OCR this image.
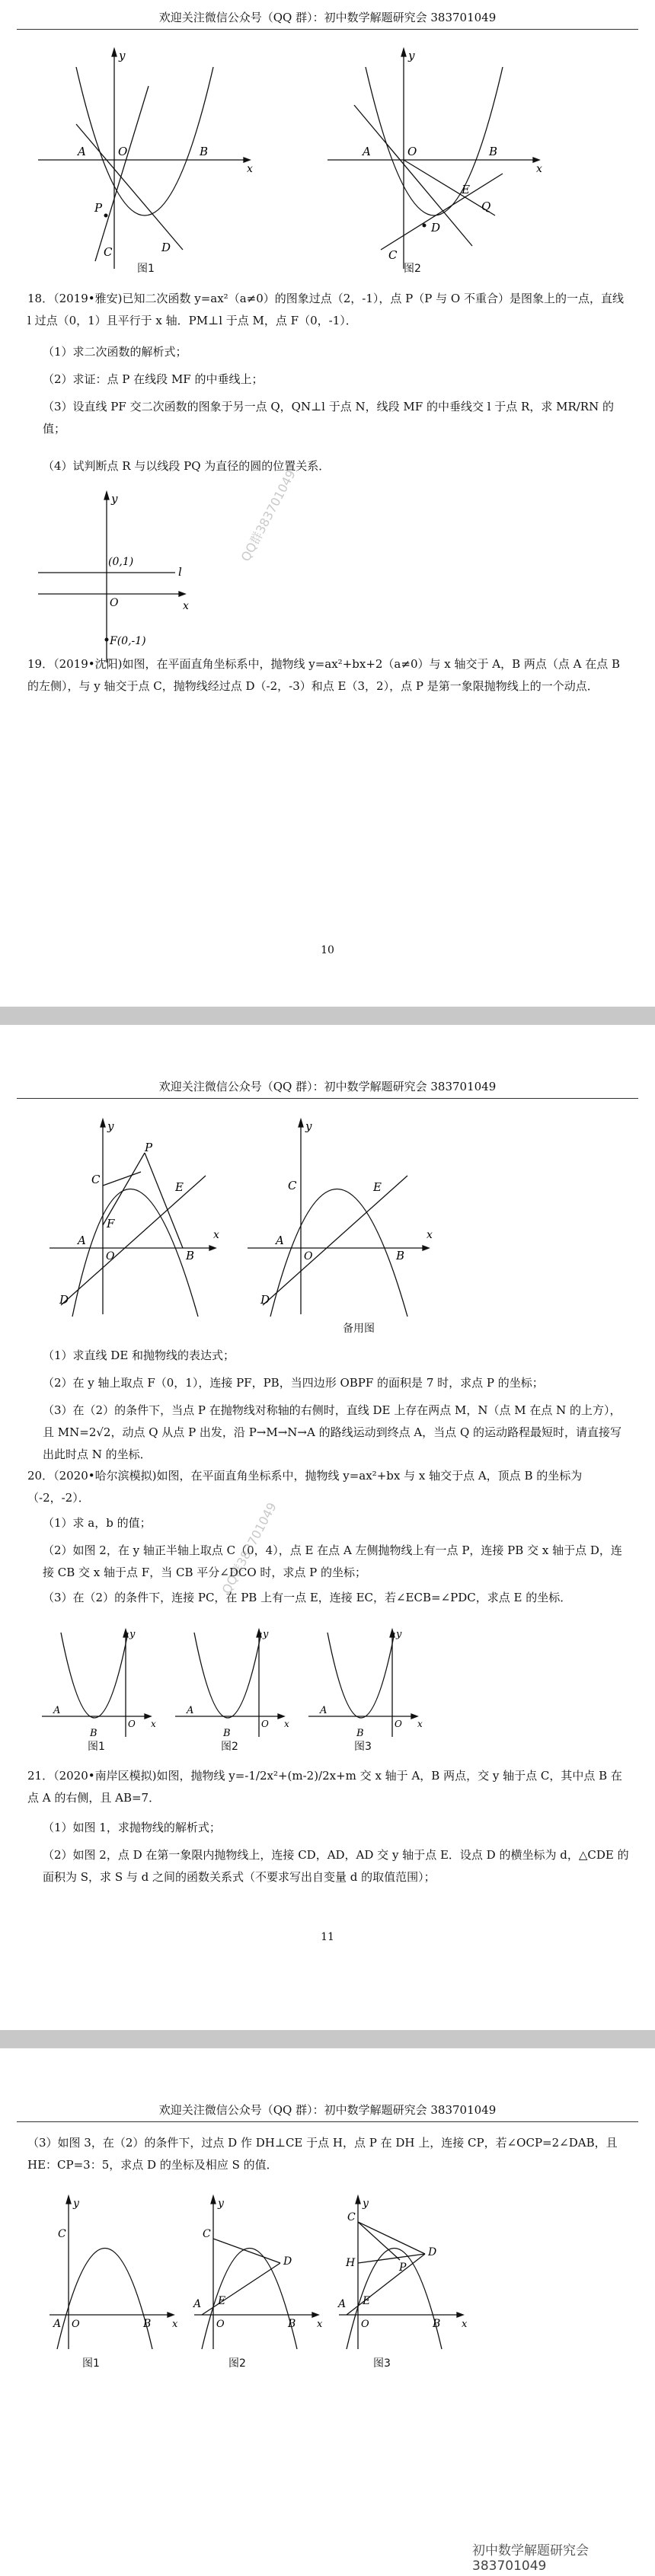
欢迎关注微信公众号（QQ 群）：初中数学解题研究会 383701049
y
A	O	B
x
P
C	D
图1
y
A	O	B
x
E
Q
C
D
图2
18．（2019•雅安)已知二次函数 y=ax²（a≠0）的图象过点（2，-1），点 P（P 与 O 不重合）是图象上的一点，直线 l 过点（0，1）且平行于 x 轴．PM⊥l 于点 M，点 F（0，-1）．
（1）求二次函数的解析式；
（2）求证：点 P 在线段 MF 的中垂线上；
（3）设直线 PF 交二次函数的图象于另一点 Q，QN⊥l 于点 N，线段 MF 的中垂线交 l 于点 R，求 MR/RN 的值；
（4）试判断点 R 与以线段 PQ 为直径的圆的位置关系．
y
(0,1)
l
O	x
F(0,-1)
QQ群383701049
19．（2019•沈阳)如图，在平面直角坐标系中，抛物线 y=ax²+bx+2（a≠0）与 x 轴交于 A，B 两点（点 A 在点 B 的左侧），与 y 轴交于点 C，抛物线经过点 D（-2，-3）和点 E（3，2），点 P 是第一象限抛物线上的一个动点．
10
欢迎关注微信公众号（QQ 群）：初中数学解题研究会 383701049
y
C
P
F
E
A
O	B
x
D
y
C	E
A
O	B
x
D
备用图
（1）求直线 DE 和抛物线的表达式；
（2）在 y 轴上取点 F（0，1），连接 PF，PB，当四边形 OBPF 的面积是 7 时，求点 P 的坐标；
（3）在（2）的条件下，当点 P 在抛物线对称轴的右侧时，直线 DE 上存在两点 M，N（点 M 在点 N 的上方），且 MN=2√2，动点 Q 从点 P 出发，沿 P→M→N→A 的路线运动到终点 A，当点 Q 的运动路程最短时，请直接写出此时点 N 的坐标．
20．（2020•哈尔滨模拟)如图，在平面直角坐标系中，抛物线 y=ax²+bx 与 x 轴交于点 A，顶点 B 的坐标为（-2，-2）．
（1）求 a，b 的值；
（2）如图 2，在 y 轴正半轴上取点 C（0，4），点 E 在点 A 左侧抛物线上有一点 P，连接 PB 交 x 轴于点 D，连接 CB 交 x 轴于点 F，当 CB 平分∠DCO 时，求点 P 的坐标；
（3）在（2）的条件下，连接 PC，在 PB 上有一点 E，连接 EC，若∠ECB=∠PDC，求点 E 的坐标．
QQ群383701049
y
A
O x
B
图1
y
A
O x
B
图2
y
A
O x
B
图3
21．（2020•南岸区模拟)如图，抛物线 y=-1/2x²+(m-2)/2x+m 交 x 轴于 A，B 两点，交 y 轴于点 C，其中点 B 在点 A 的右侧，且 AB=7．
（1）如图 1，求抛物线的解析式；
（2）如图 2，点 D 在第一象限内抛物线上，连接 CD，AD，AD 交 y 轴于点 E．设点 D 的横坐标为 d，△CDE 的面积为 S，求 S 与 d 之间的函数关系式（不要求写出自变量 d 的取值范围）；
11
欢迎关注微信公众号（QQ 群）：初中数学解题研究会 383701049
（3）如图 3，在（2）的条件下，过点 D 作 DH⊥CE 于点 H，点 P 在 DH 上，连接 CP，若∠OCP=2∠DAB，且 HE：CP=3：5，求点 D 的坐标及相应 S 的值．
y
C
A O	B x
图1
y
C
D
E
A
O	B x
图2
y
C
D
H	P
E
A
O	B x
图3
初中数学解题研究会383701049
